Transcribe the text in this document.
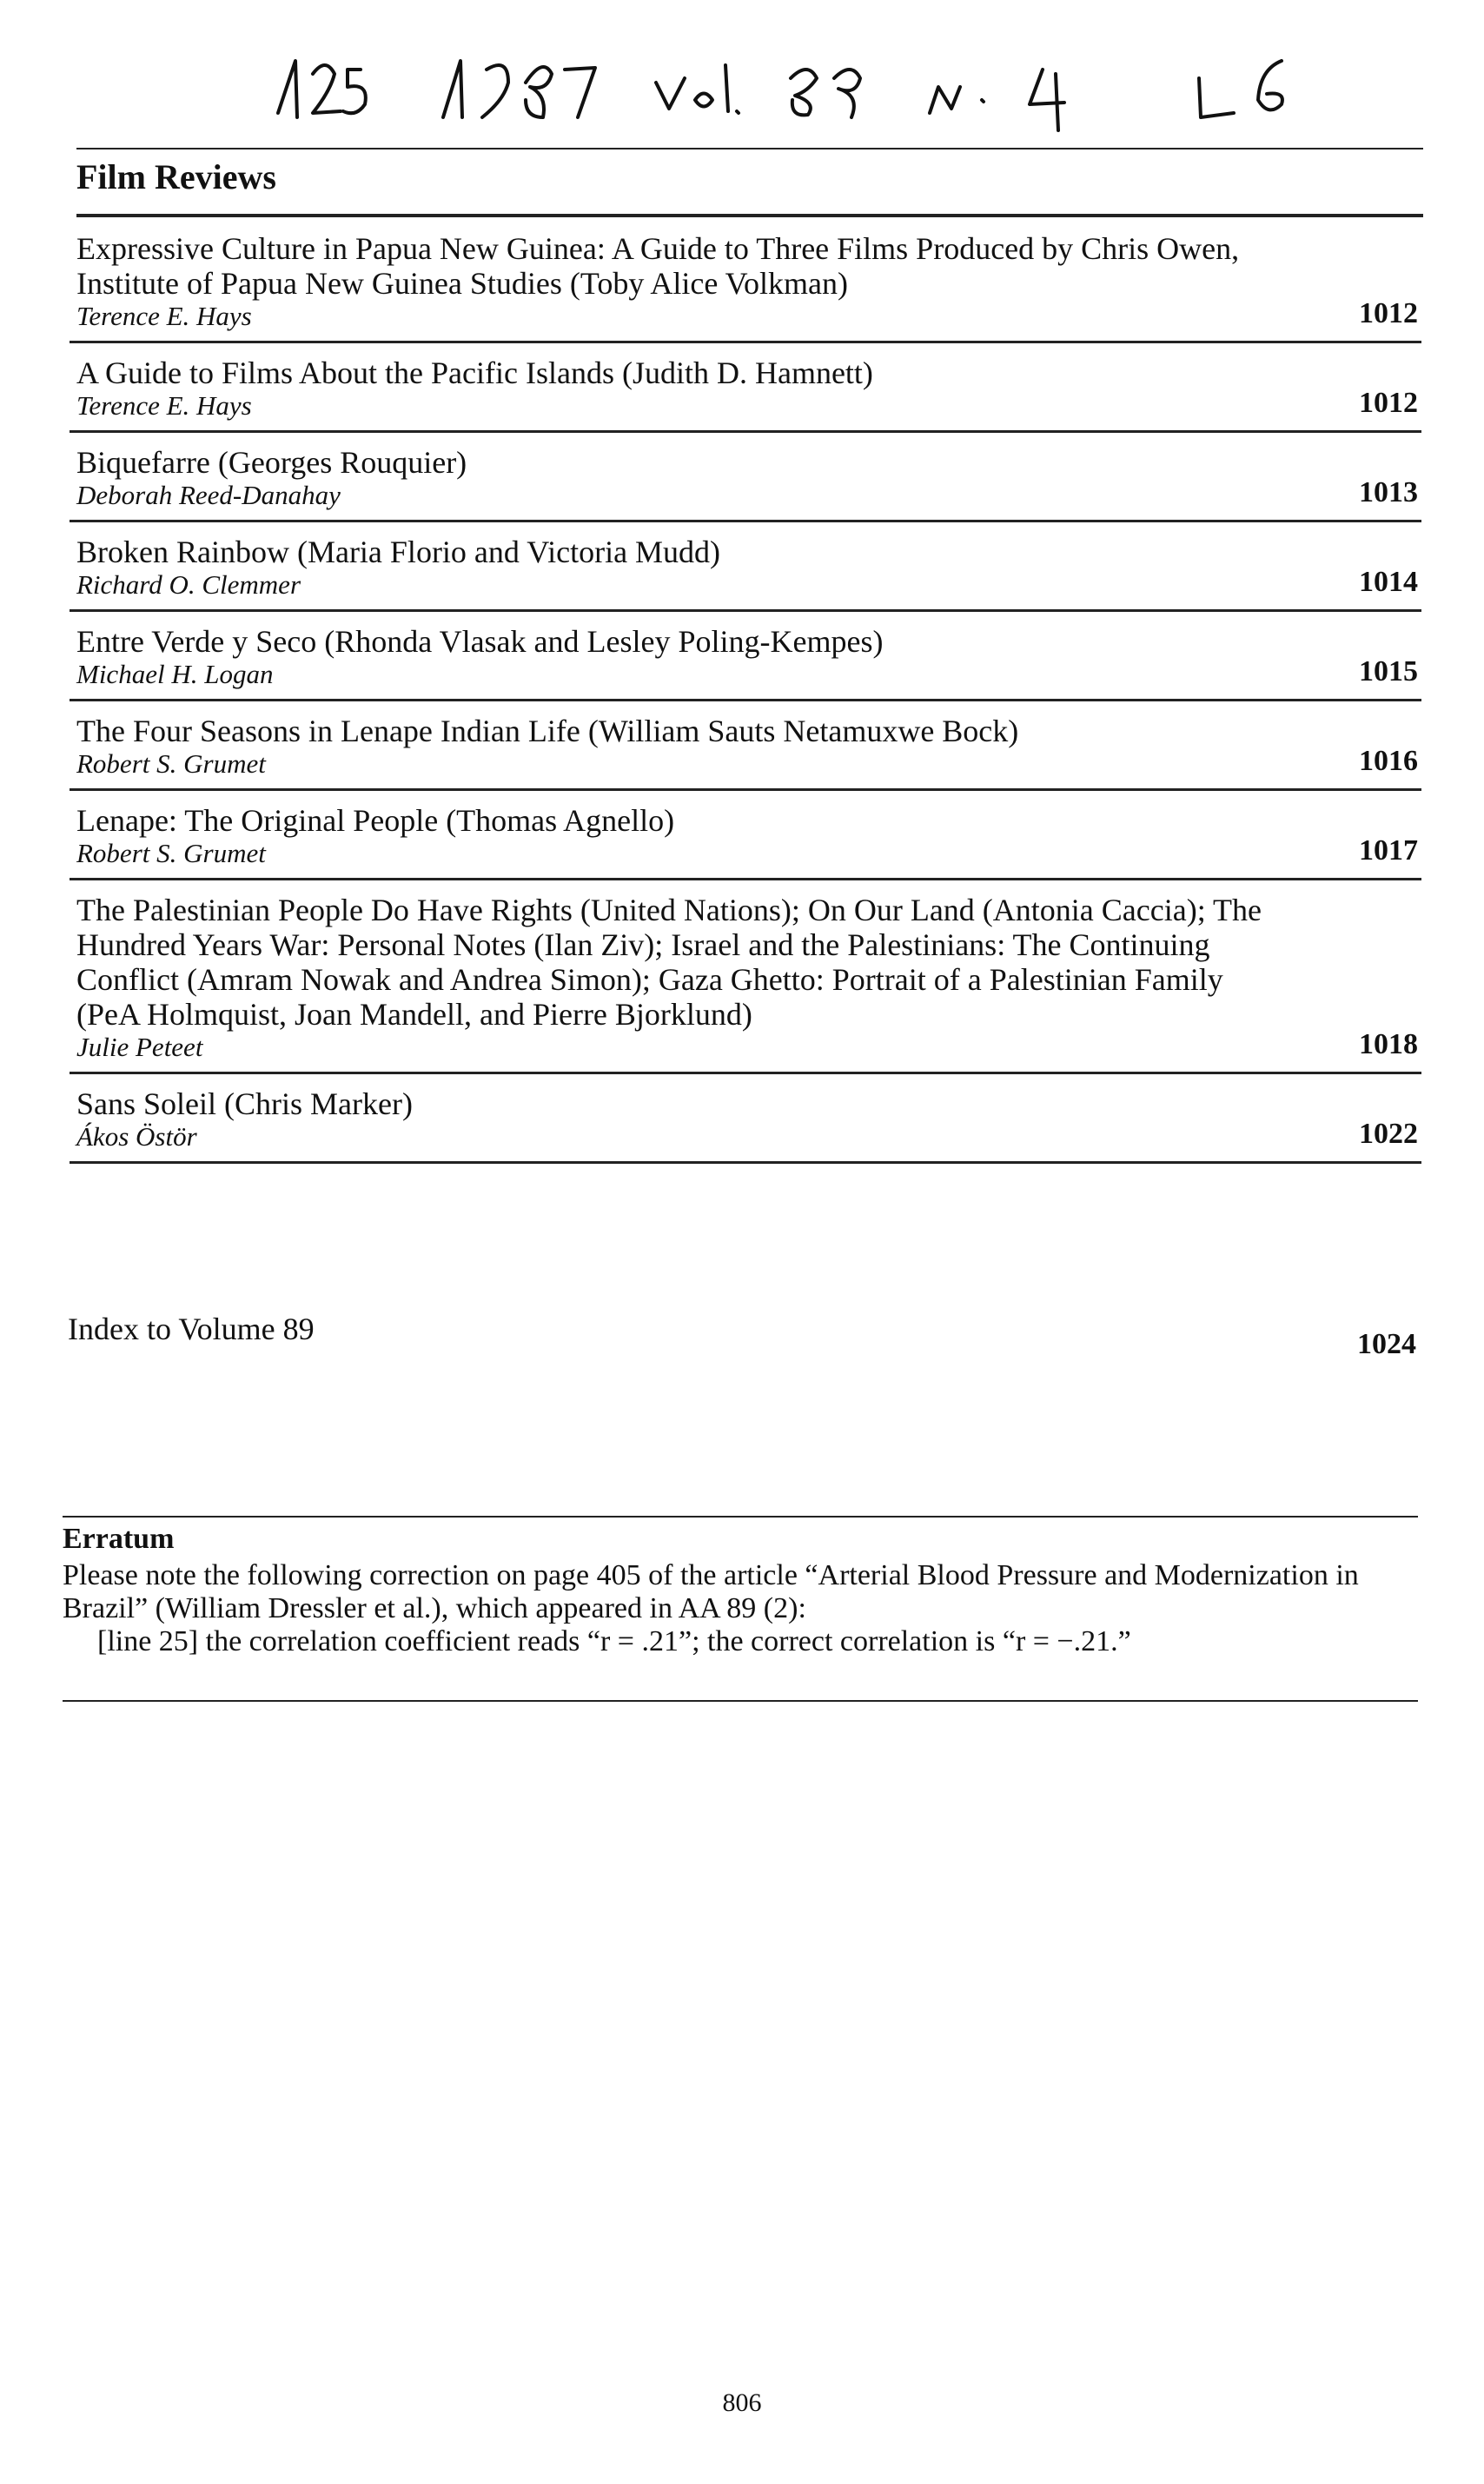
Film Reviews
Expressive Culture in Papua New Guinea: A Guide to Three Films Produced by Chris Owen, Institute of Papua New Guinea Studies (Toby Alice Volkman)
Terence E. Hays	1012
A Guide to Films About the Pacific Islands (Judith D. Hamnett)
Terence E. Hays	1012
Biquefarre (Georges Rouquier)
Deborah Reed-Danahay	1013
Broken Rainbow (Maria Florio and Victoria Mudd)
Richard O. Clemmer	1014
Entre Verde y Seco (Rhonda Vlasak and Lesley Poling-Kempes)
Michael H. Logan	1015
The Four Seasons in Lenape Indian Life (William Sauts Netamuxwe Bock)
Robert S. Grumet	1016
Lenape: The Original People (Thomas Agnello)
Robert S. Grumet	1017
The Palestinian People Do Have Rights (United Nations); On Our Land (Antonia Caccia); The Hundred Years War: Personal Notes (Ilan Ziv); Israel and the Palestinians: The Continuing Conflict (Amram Nowak and Andrea Simon); Gaza Ghetto: Portrait of a Palestinian Family (PeA Holmquist, Joan Mandell, and Pierre Bjorklund)
Julie Peteet	1018
Sans Soleil (Chris Marker)
Ákos Östör	1022
Index to Volume 89	1024
Erratum

Please note the following correction on page 405 of the article “Arterial Blood Pressure and Modernization in Brazil” (William Dressler et al.), which appeared in AA 89 (2):

[line 25] the correlation coefficient reads “r = .21”; the correct correlation is “r = −.21.”

806
